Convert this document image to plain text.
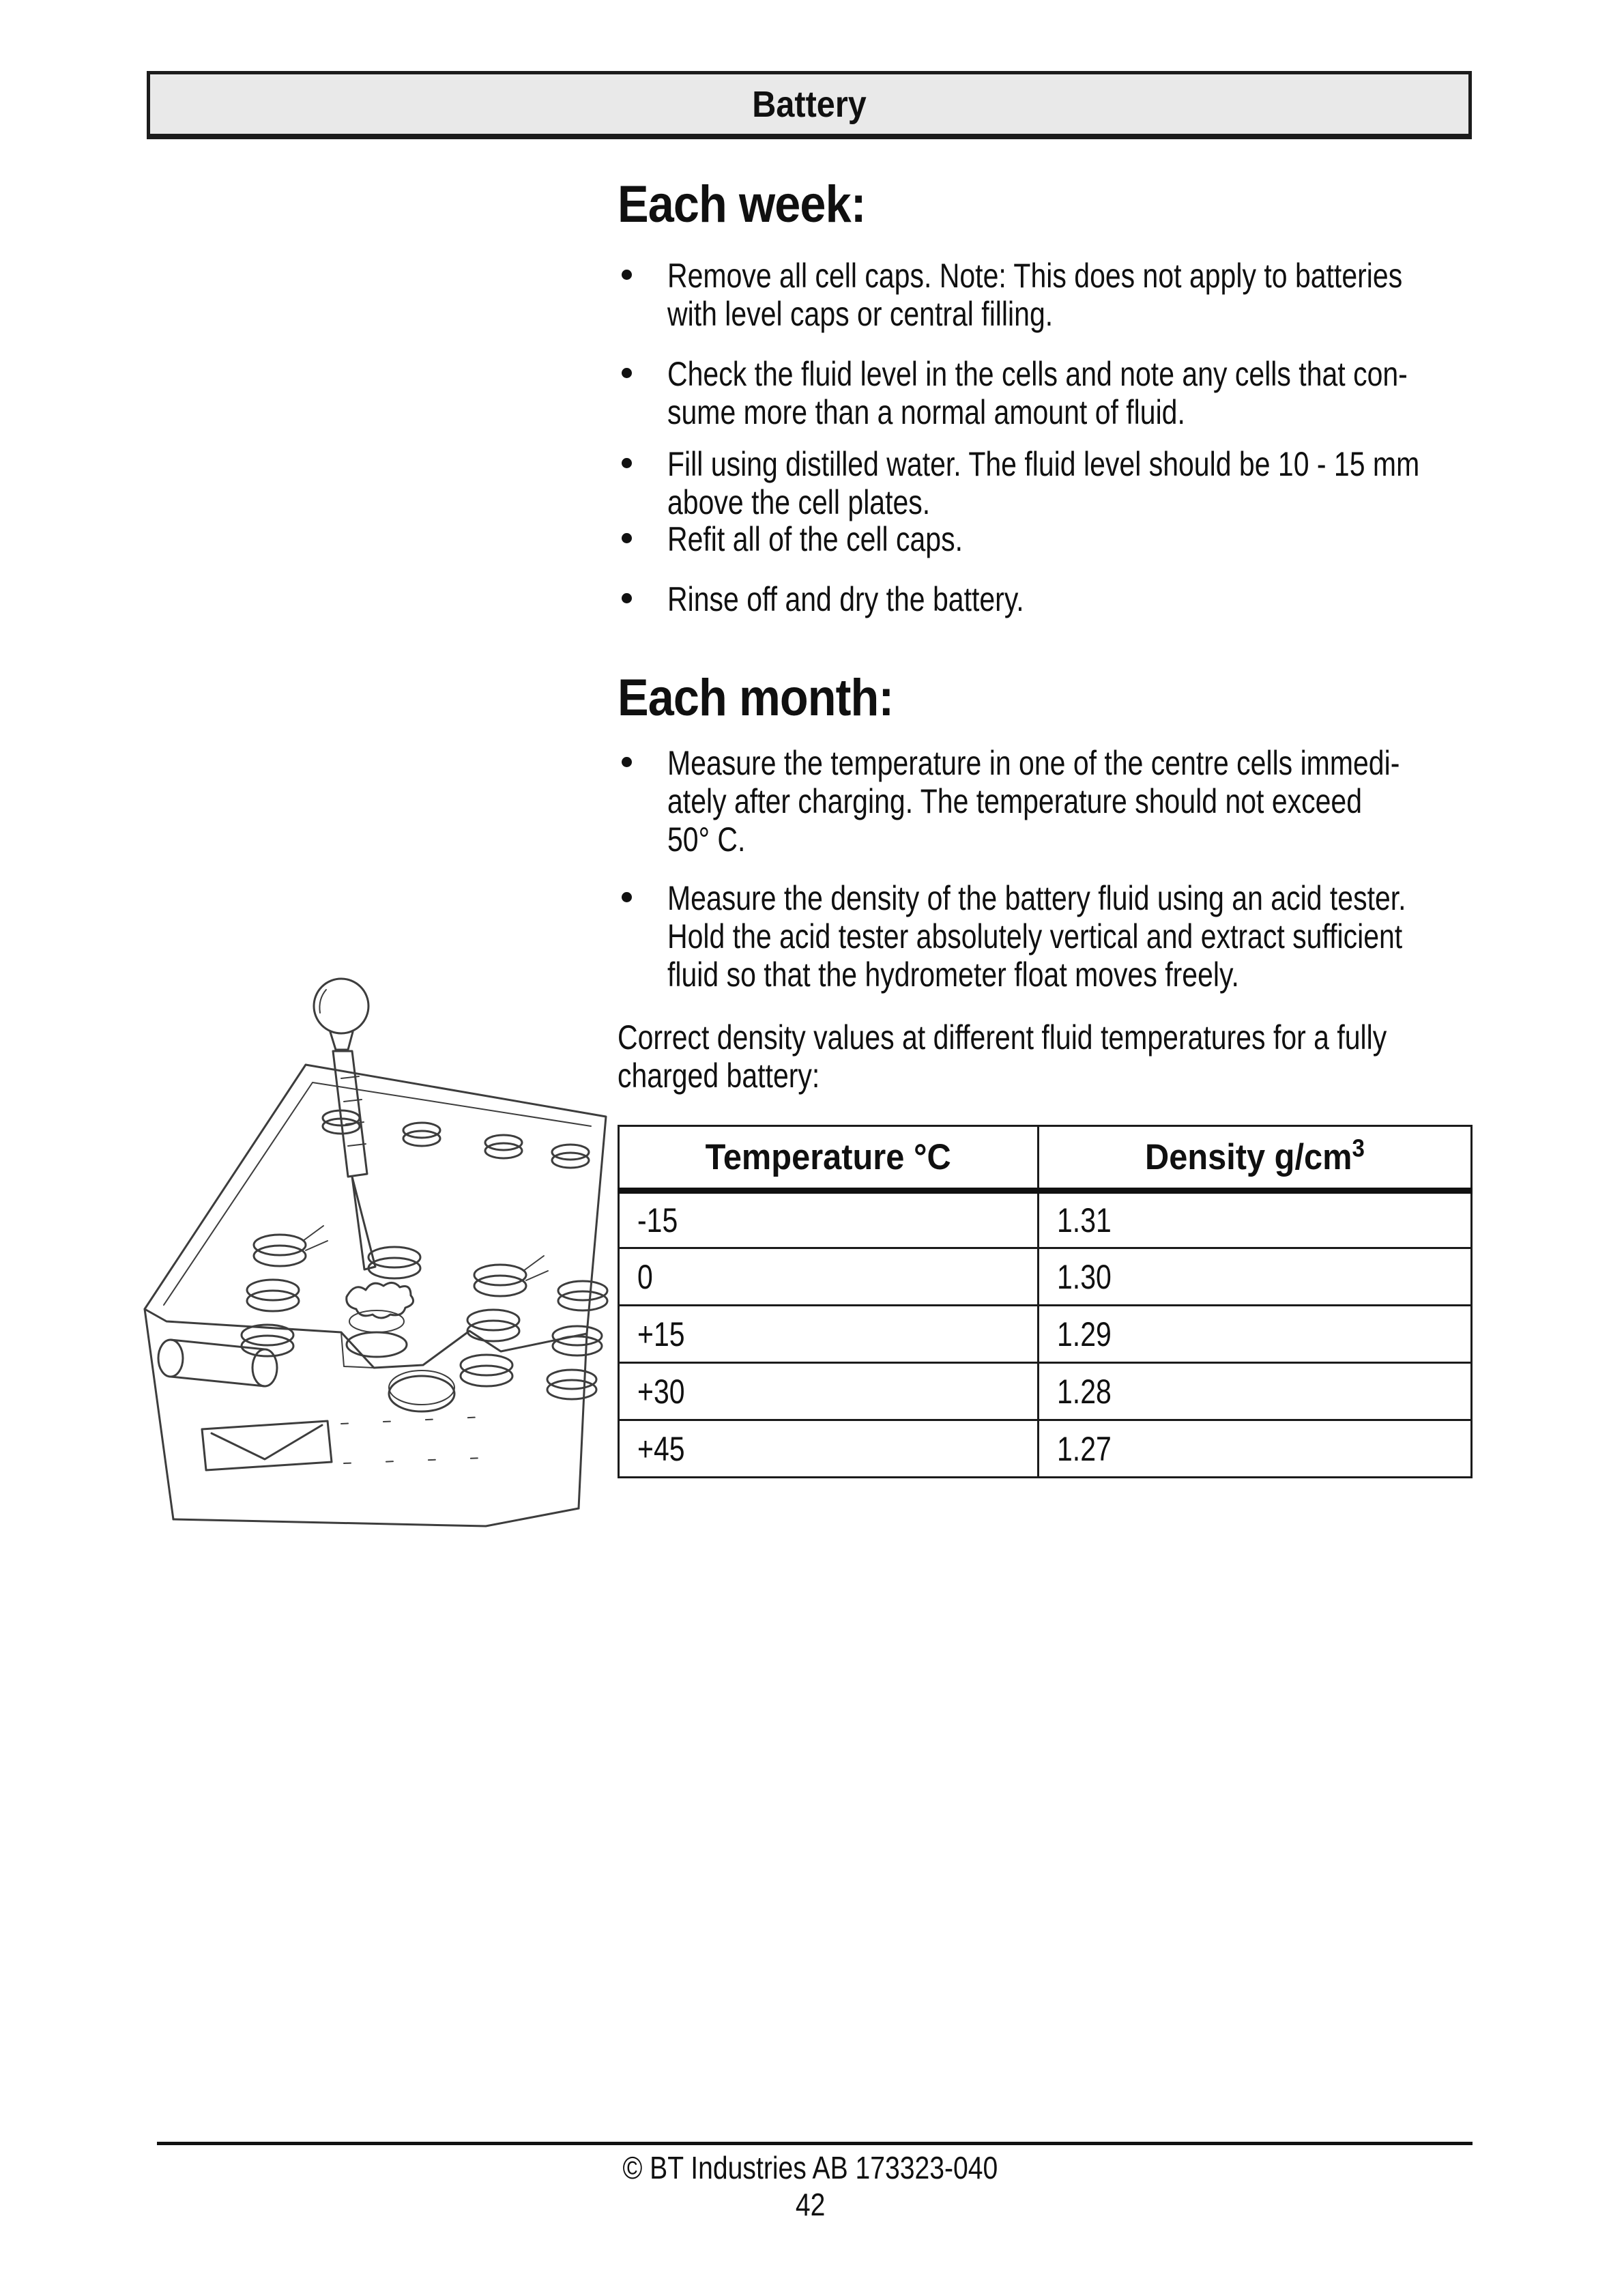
Battery
Each week:
Remove all cell caps. Note: This does not apply to batteries
with level caps or central filling.
Check the fluid level in the cells and note any cells that con-
sume more than a normal amount of fluid.
Fill using distilled water. The fluid level should be 10 - 15 mm
above the cell plates.
Refit all of the cell caps.
Rinse off and dry the battery.
Each month:
Measure the temperature in one of the centre cells immedi-
ately after charging. The temperature should not exceed
50° C.
Measure the density of the battery fluid using an acid tester.
Hold the acid tester absolutely vertical and extract sufficient
fluid so that the hydrometer float moves freely.
Correct density values at different fluid temperatures for a fully
charged battery:
Temperature °C	Density $g/cm^3$
-15	1.31
0	1.30
+15	1.29
+30	1.28
+45	1.27
© BT Industries AB 173323-040
42
